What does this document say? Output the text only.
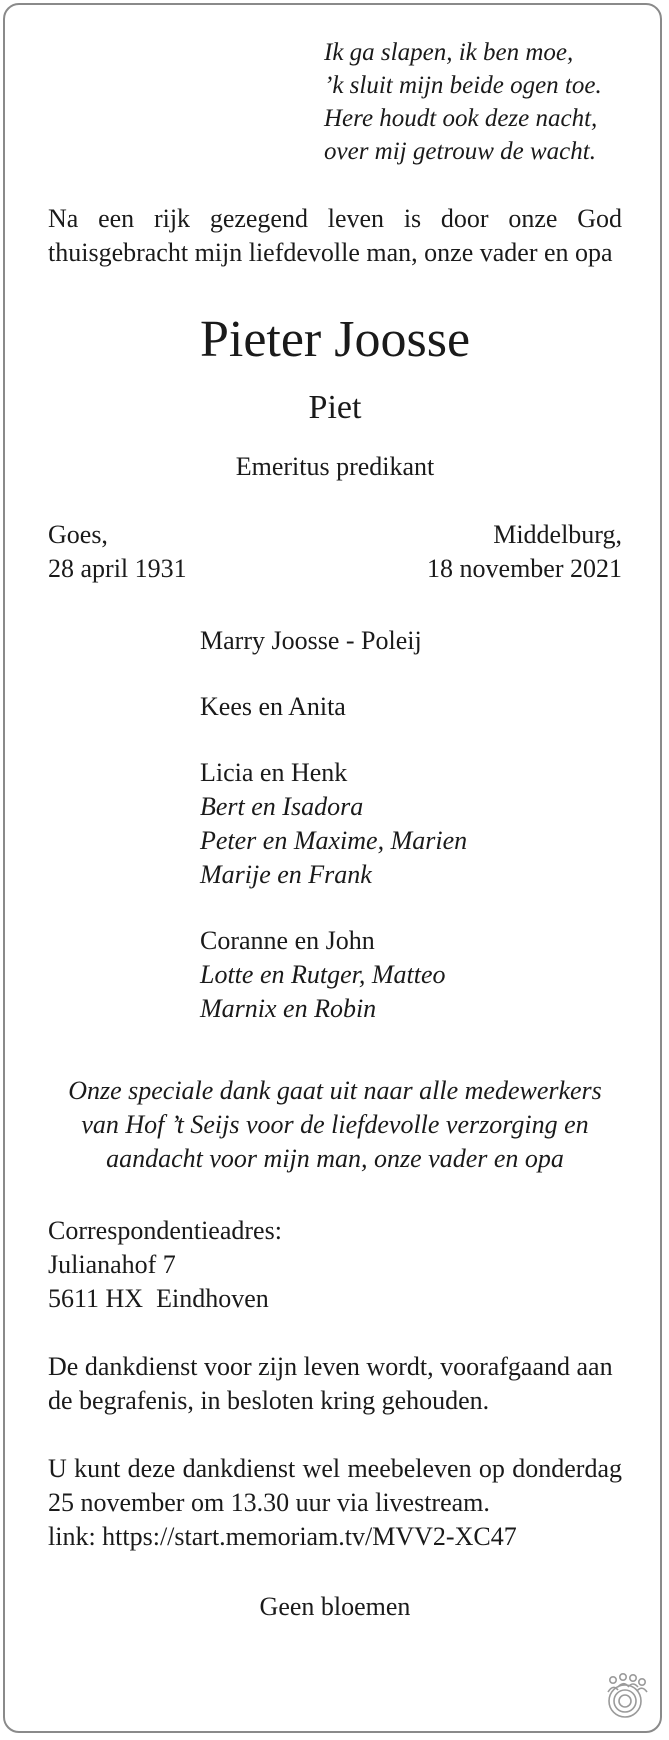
Ik ga slapen, ik ben moe,
’k sluit mijn beide ogen toe.
Here houdt ook deze nacht,
over mij getrouw de wacht.
Na een rijk gezegend leven is door onze God thuisgebracht mijn liefdevolle man, onze vader en opa
Pieter Joosse
Piet
Emeritus predikant
Goes,
28 april 1931
Middelburg,
18 november 2021
Marry Joosse - Poleij
Kees en Anita
Licia en Henk
Bert en Isadora
Peter en Maxime, Marien
Marije en Frank
Coranne en John
Lotte en Rutger, Matteo
Marnix en Robin
Onze speciale dank gaat uit naar alle medewerkers
van Hof ’t Seijs voor de liefdevolle verzorging en
aandacht voor mijn man, onze vader en opa
Correspondentieadres:
Julianahof 7
5611 HX  Eindhoven
De dankdienst voor zijn leven wordt, voorafgaand aan de begrafenis, in besloten kring gehouden.
U kunt deze dankdienst wel meebeleven op donderdag 25 november om 13.30 uur via livestream.
link: https://start.memoriam.tv/MVV2-XC47
Geen bloemen
